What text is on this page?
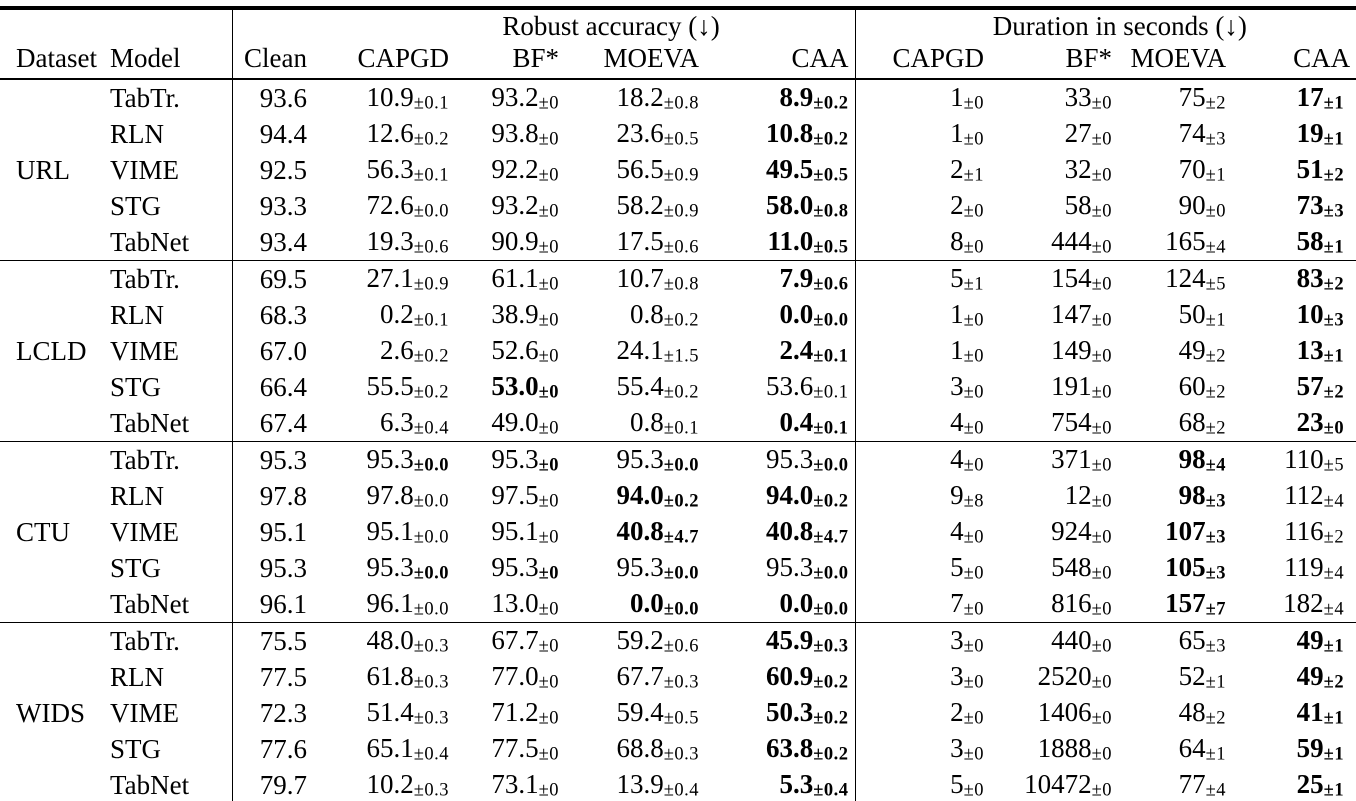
		Robust accuracy (↓)					Duration in seconds (↓)			
Dataset	Model	Clean	CAPGD	BF*	MOEVA	CAA	CAPGD	BF*	MOEVA	CAA
URL	TabTr.	93.6	10.9±0.1	93.2±0	18.2±0.8	8.9±0.2	1±0	33±0	75±2	17±1
	RLN	94.4	12.6±0.2	93.8±0	23.6±0.5	10.8±0.2	1±0	27±0	74±3	19±1
	VIME	92.5	56.3±0.1	92.2±0	56.5±0.9	49.5±0.5	2±1	32±0	70±1	51±2
	STG	93.3	72.6±0.0	93.2±0	58.2±0.9	58.0±0.8	2±0	58±0	90±0	73±3
	TabNet	93.4	19.3±0.6	90.9±0	17.5±0.6	11.0±0.5	8±0	444±0	165±4	58±1
LCLD	TabTr.	69.5	27.1±0.9	61.1±0	10.7±0.8	7.9±0.6	5±1	154±0	124±5	83±2
	RLN	68.3	0.2±0.1	38.9±0	0.8±0.2	0.0±0.0	1±0	147±0	50±1	10±3
	VIME	67.0	2.6±0.2	52.6±0	24.1±1.5	2.4±0.1	1±0	149±0	49±2	13±1
	STG	66.4	55.5±0.2	53.0±0	55.4±0.2	53.6±0.1	3±0	191±0	60±2	57±2
	TabNet	67.4	6.3±0.4	49.0±0	0.8±0.1	0.4±0.1	4±0	754±0	68±2	23±0
CTU	TabTr.	95.3	95.3±0.0	95.3±0	95.3±0.0	95.3±0.0	4±0	371±0	98±4	110±5
	RLN	97.8	97.8±0.0	97.5±0	94.0±0.2	94.0±0.2	9±8	12±0	98±3	112±4
	VIME	95.1	95.1±0.0	95.1±0	40.8±4.7	40.8±4.7	4±0	924±0	107±3	116±2
	STG	95.3	95.3±0.0	95.3±0	95.3±0.0	95.3±0.0	5±0	548±0	105±3	119±4
	TabNet	96.1	96.1±0.0	13.0±0	0.0±0.0	0.0±0.0	7±0	816±0	157±7	182±4
WIDS	TabTr.	75.5	48.0±0.3	67.7±0	59.2±0.6	45.9±0.3	3±0	440±0	65±3	49±1
	RLN	77.5	61.8±0.3	77.0±0	67.7±0.3	60.9±0.2	3±0	2520±0	52±1	49±2
	VIME	72.3	51.4±0.3	71.2±0	59.4±0.5	50.3±0.2	2±0	1406±0	48±2	41±1
	STG	77.6	65.1±0.4	77.5±0	68.8±0.3	63.8±0.2	3±0	1888±0	64±1	59±1
	TabNet	79.7	10.2±0.3	73.1±0	13.9±0.4	5.3±0.4	5±0	10472±0	77±4	25±1
